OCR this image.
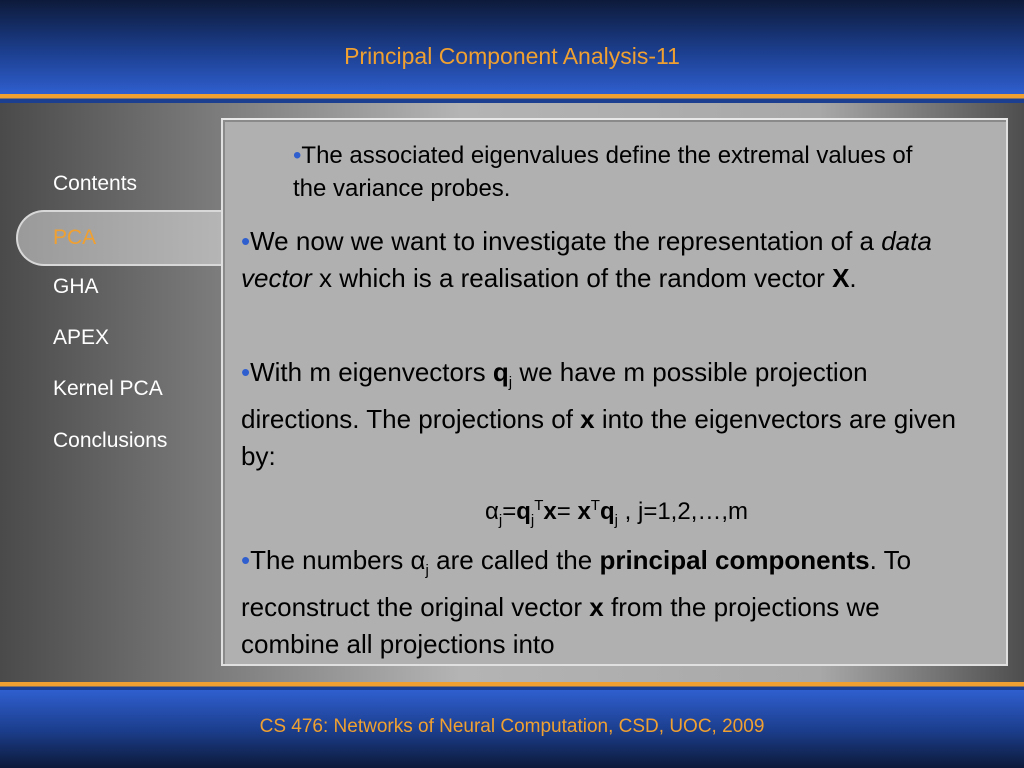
Principal Component Analysis-11
Contents
PCA
GHA
APEX
Kernel PCA
Conclusions
•The associated eigenvalues define the extremal values of the variance probes.
•We now we want to investigate the representation of a data vector x which is a realisation of the random vector X.
•With m eigenvectors $q_j$ we have m possible projection directions. The projections of x into the eigenvectors are given by:
$\alpha_j=q_j^Tx= x^Tq_j$ , j=1,2,…,m
•The numbers $\alpha_j$ are called the principal components. To reconstruct the original vector x from the projections we combine all projections into
CS 476: Networks of Neural Computation, CSD, UOC, 2009
